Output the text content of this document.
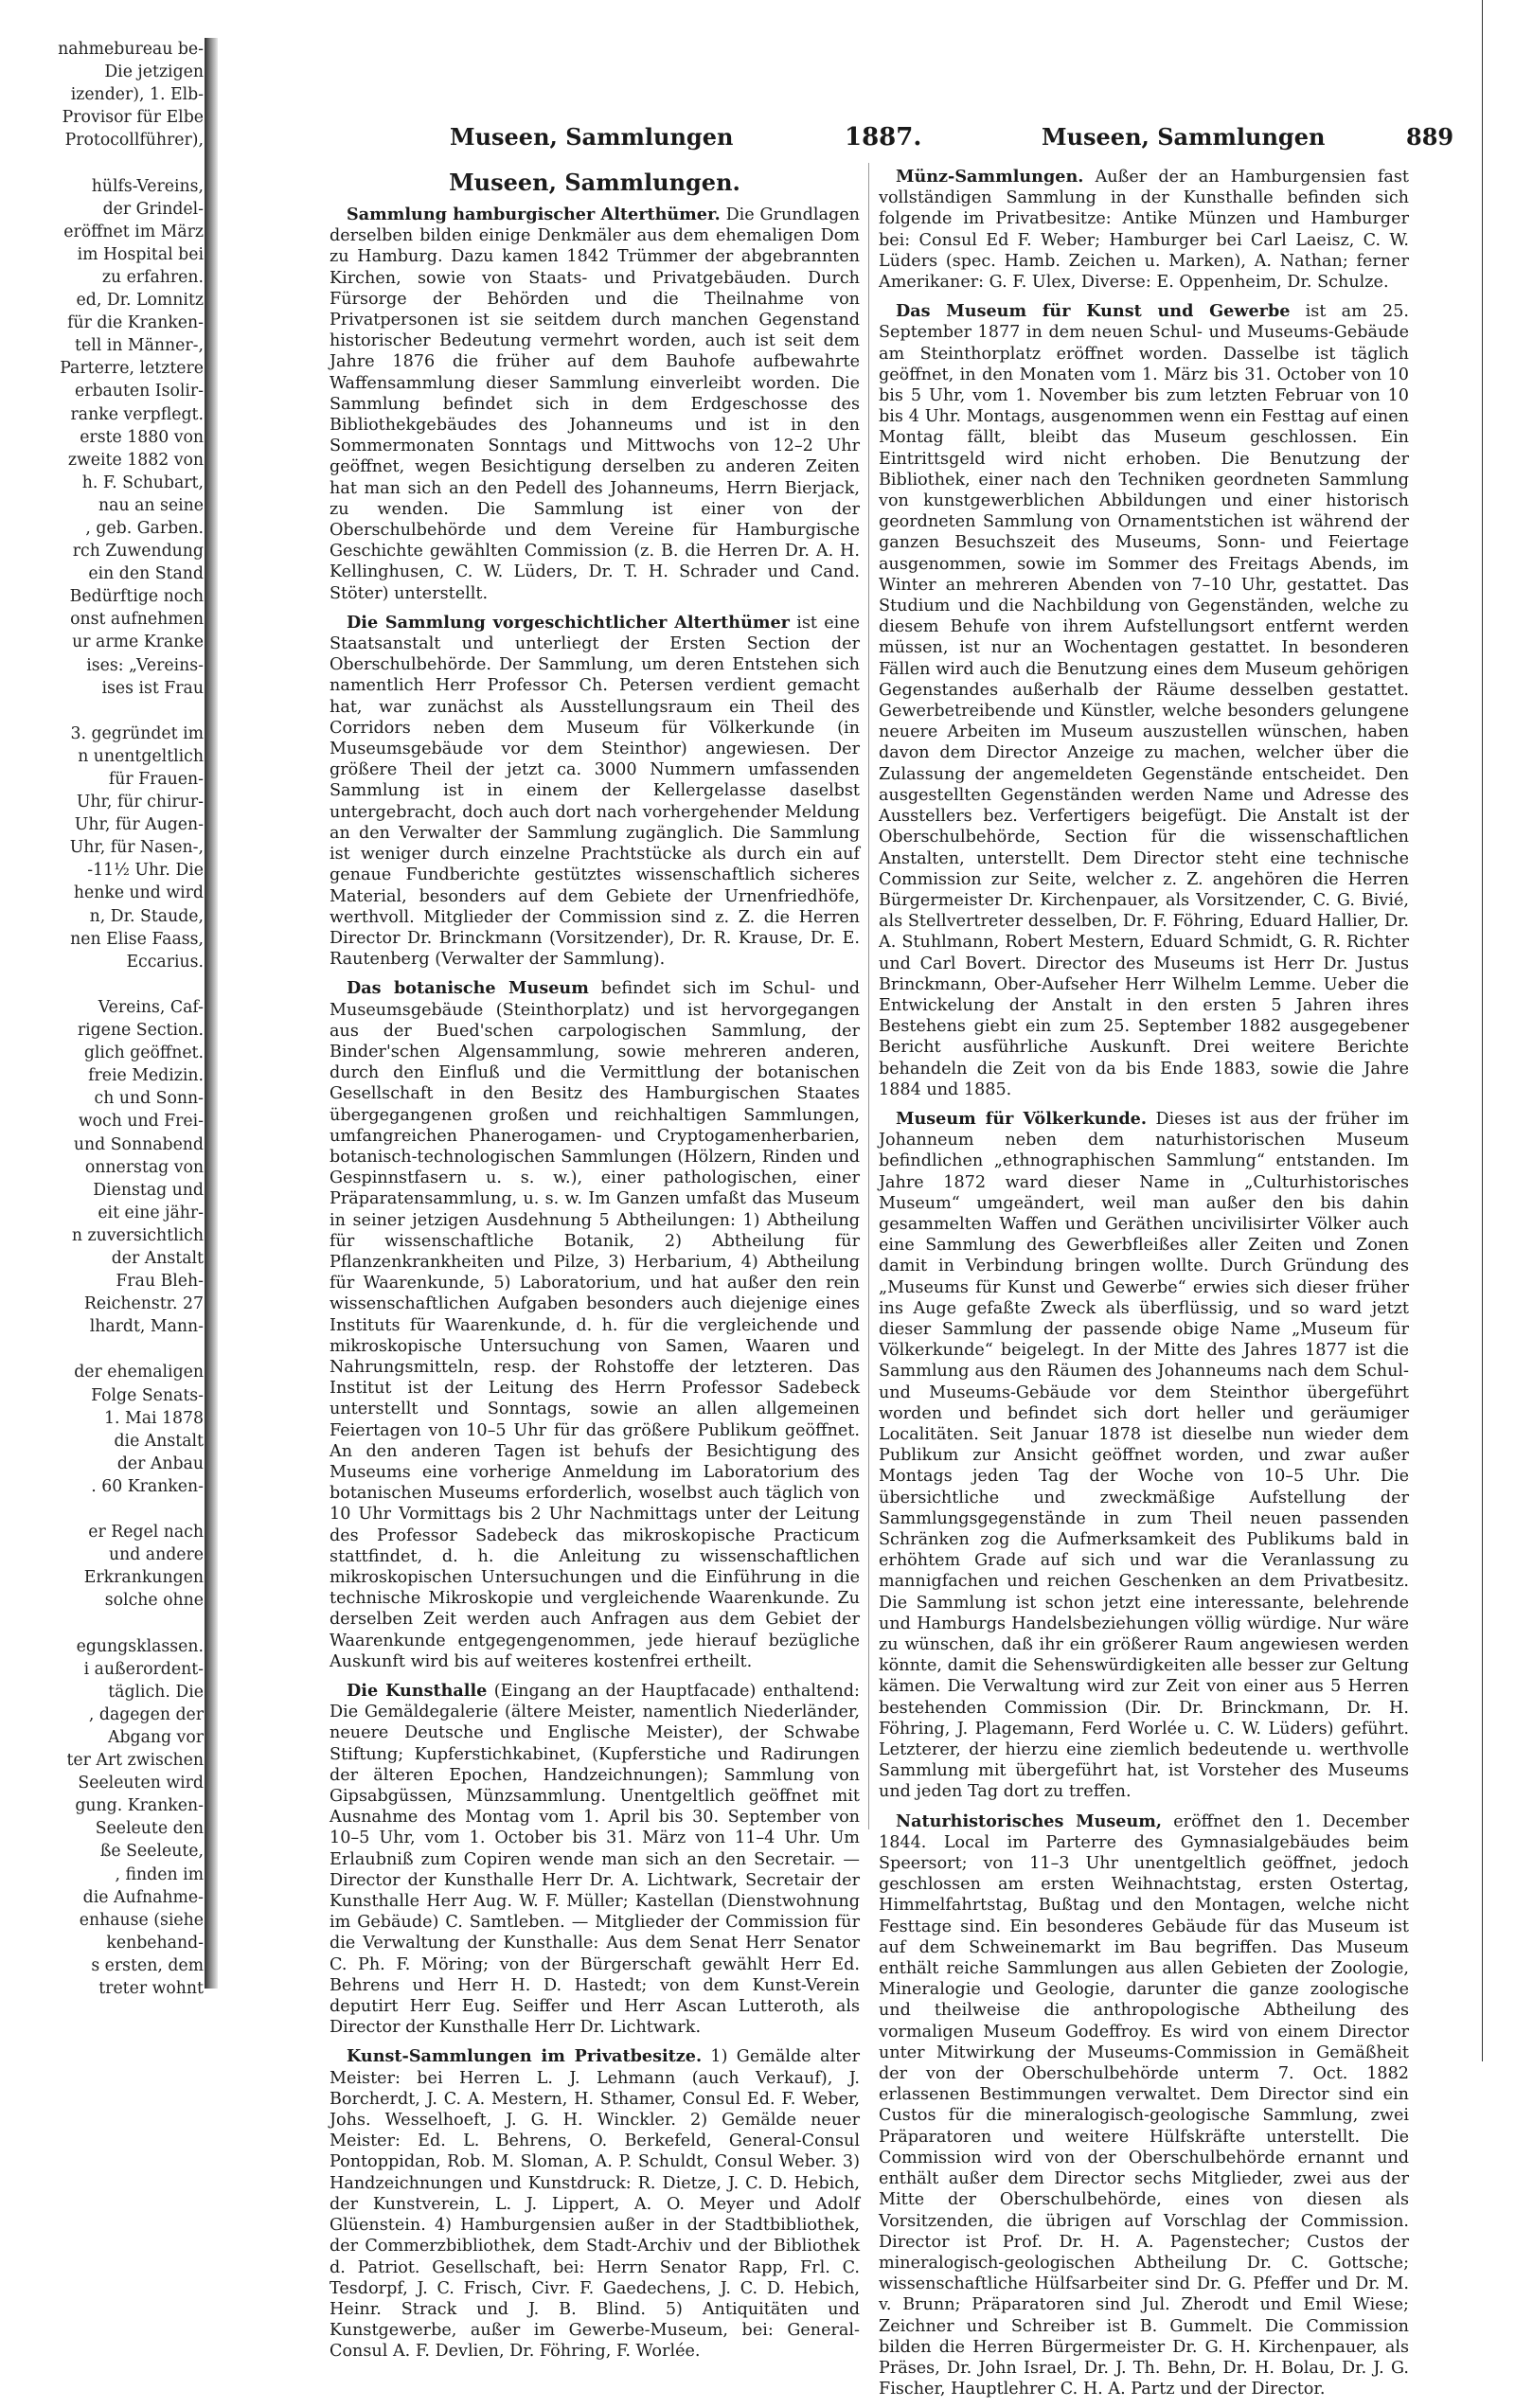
nahmebureau be-
Die jetzigen
izender), 1. Elb-
Provisor für Elbe
Protocollführer),

hülfs-Vereins,
der Grindel-
eröffnet im März
im Hospital bei
zu erfahren.
ed, Dr. Lomnitz
für die Kranken-
tell in Männer-,
Parterre, letztere
erbauten Isolir-
ranke verpflegt.
erste 1880 von
zweite 1882 von
h. F. Schubart,
nau an seine
, geb. Garben.
rch Zuwendung
ein den Stand
Bedürftige noch
onst aufnehmen
ur arme Kranke
ises: „Vereins-
ises ist Frau

3. gegründet im
n unentgeltlich
für Frauen-
Uhr, für chirur-
Uhr, für Augen-
Uhr, für Nasen-,
-11½ Uhr. Die
henke und wird
n, Dr. Staude,
nen Elise Faass,
Eccarius.

Vereins, Caf-
rigene Section.
glich geöffnet.
freie Medizin.
ch und Sonn-
woch und Frei-
und Sonnabend
onnerstag von
Dienstag und
eit eine jähr-
n zuversichtlich
der Anstalt
Frau Bleh-
Reichenstr. 27
lhardt, Mann-

der ehemaligen
Folge Senats-
1. Mai 1878
die Anstalt
der Anbau
. 60 Kranken-

er Regel nach
und andere
Erkrankungen
solche ohne

egungsklassen.
i außerordent-
täglich. Die
, dagegen der
Abgang vor
ter Art zwischen
Seeleuten wird
gung. Kranken-
Seeleute den
ße Seeleute,
, finden im
die Aufnahme-
enhause (siehe
kenbehand-
s ersten, dem
treter wohnt
Museen, Sammlungen	1887.	Museen, Sammlungen	889
Museen, Sammlungen.

Sammlung hamburgischer Alterthümer. Die Grundlagen derselben bilden einige Denkmäler aus dem ehemaligen Dom zu Hamburg. Dazu kamen 1842 Trümmer der abgebrannten Kirchen, sowie von Staats- und Privatgebäuden. Durch Fürsorge der Behörden und die Theilnahme von Privatpersonen ist sie seitdem durch manchen Gegenstand historischer Bedeutung vermehrt worden, auch ist seit dem Jahre 1876 die früher auf dem Bauhofe aufbewahrte Waffensammlung dieser Sammlung einverleibt worden. Die Sammlung befindet sich in dem Erdgeschosse des Bibliothekgebäudes des Johanneums und ist in den Sommermonaten Sonntags und Mittwochs von 12–2 Uhr geöffnet, wegen Besichtigung derselben zu anderen Zeiten hat man sich an den Pedell des Johanneums, Herrn Bierjack, zu wenden. Die Sammlung ist einer von der Oberschulbehörde und dem Vereine für Hamburgische Geschichte gewählten Commission (z. B. die Herren Dr. A. H. Kellinghusen, C. W. Lüders, Dr. T. H. Schrader und Cand. Stöter) unterstellt.

Die Sammlung vorgeschichtlicher Alterthümer ist eine Staatsanstalt und unterliegt der Ersten Section der Oberschulbehörde. Der Sammlung, um deren Entstehen sich namentlich Herr Professor Ch. Petersen verdient gemacht hat, war zunächst als Ausstellungsraum ein Theil des Corridors neben dem Museum für Völkerkunde (in Museumsgebäude vor dem Steinthor) angewiesen. Der größere Theil der jetzt ca. 3000 Nummern umfassenden Sammlung ist in einem der Kellergelasse daselbst untergebracht, doch auch dort nach vorhergehender Meldung an den Verwalter der Sammlung zugänglich. Die Sammlung ist weniger durch einzelne Prachtstücke als durch ein auf genaue Fundberichte gestütztes wissenschaftlich sicheres Material, besonders auf dem Gebiete der Urnenfriedhöfe, werthvoll. Mitglieder der Commission sind z. Z. die Herren Director Dr. Brinckmann (Vorsitzender), Dr. R. Krause, Dr. E. Rautenberg (Verwalter der Sammlung).

Das botanische Museum befindet sich im Schul- und Museumsgebäude (Steinthorplatz) und ist hervorgegangen aus der Bued'schen carpologischen Sammlung, der Binder'schen Algensammlung, sowie mehreren anderen, durch den Einfluß und die Vermittlung der botanischen Gesellschaft in den Besitz des Hamburgischen Staates übergegangenen großen und reichhaltigen Sammlungen, umfangreichen Phanerogamen- und Cryptogamenherbarien, botanisch-technologischen Sammlungen (Hölzern, Rinden und Gespinnstfasern u. s. w.), einer pathologischen, einer Präparatensammlung, u. s. w. Im Ganzen umfaßt das Museum in seiner jetzigen Ausdehnung 5 Abtheilungen: 1) Abtheilung für wissenschaftliche Botanik, 2) Abtheilung für Pflanzenkrankheiten und Pilze, 3) Herbarium, 4) Abtheilung für Waarenkunde, 5) Laboratorium, und hat außer den rein wissenschaftlichen Aufgaben besonders auch diejenige eines Instituts für Waarenkunde, d. h. für die vergleichende und mikroskopische Untersuchung von Samen, Waaren und Nahrungsmitteln, resp. der Rohstoffe der letzteren. Das Institut ist der Leitung des Herrn Professor Sadebeck unterstellt und Sonntags, sowie an allen allgemeinen Feiertagen von 10–5 Uhr für das größere Publikum geöffnet. An den anderen Tagen ist behufs der Besichtigung des Museums eine vorherige Anmeldung im Laboratorium des botanischen Museums erforderlich, woselbst auch täglich von 10 Uhr Vormittags bis 2 Uhr Nachmittags unter der Leitung des Professor Sadebeck das mikroskopische Practicum stattfindet, d. h. die Anleitung zu wissenschaftlichen mikroskopischen Untersuchungen und die Einführung in die technische Mikroskopie und vergleichende Waarenkunde. Zu derselben Zeit werden auch Anfragen aus dem Gebiet der Waarenkunde entgegengenommen, jede hierauf bezügliche Auskunft wird bis auf weiteres kostenfrei ertheilt.

Die Kunsthalle (Eingang an der Hauptfacade) enthaltend: Die Gemäldegalerie (ältere Meister, namentlich Niederländer, neuere Deutsche und Englische Meister), der Schwabe Stiftung; Kupferstichkabinet, (Kupferstiche und Radirungen der älteren Epochen, Handzeichnungen); Sammlung von Gipsabgüssen, Münzsammlung. Unentgeltlich geöffnet mit Ausnahme des Montag vom 1. April bis 30. September von 10–5 Uhr, vom 1. October bis 31. März von 11–4 Uhr. Um Erlaubniß zum Copiren wende man sich an den Secretair. — Director der Kunsthalle Herr Dr. A. Lichtwark, Secretair der Kunsthalle Herr Aug. W. F. Müller; Kastellan (Dienstwohnung im Gebäude) C. Samtleben. — Mitglieder der Commission für die Verwaltung der Kunsthalle: Aus dem Senat Herr Senator C. Ph. F. Möring; von der Bürgerschaft gewählt Herr Ed. Behrens und Herr H. D. Hastedt; von dem Kunst-Verein deputirt Herr Eug. Seiffer und Herr Ascan Lutteroth, als Director der Kunsthalle Herr Dr. Lichtwark.

Kunst-Sammlungen im Privatbesitze. 1) Gemälde alter Meister: bei Herren L. J. Lehmann (auch Verkauf), J. Borcherdt, J. C. A. Mestern, H. Sthamer, Consul Ed. F. Weber, Johs. Wesselhoeft, J. G. H. Winckler. 2) Gemälde neuer Meister: Ed. L. Behrens, O. Berkefeld, General-Consul Pontoppidan, Rob. M. Sloman, A. P. Schuldt, Consul Weber. 3) Handzeichnungen und Kunstdruck: R. Dietze, J. C. D. Hebich, der Kunstverein, L. J. Lippert, A. O. Meyer und Adolf Glüenstein. 4) Hamburgensien außer in der Stadtbibliothek, der Commerzbibliothek, dem Stadt-Archiv und der Bibliothek d. Patriot. Gesellschaft, bei: Herrn Senator Rapp, Frl. C. Tesdorpf, J. C. Frisch, Civr. F. Gaedechens, J. C. D. Hebich, Heinr. Strack und J. B. Blind. 5) Antiquitäten und Kunstgewerbe, außer im Gewerbe-Museum, bei: General-Consul A. F. Devlien, Dr. Föhring, F. Worlée.

Münz-Sammlungen. Außer der an Hamburgensien fast vollständigen Sammlung in der Kunsthalle befinden sich folgende im Privatbesitze: Antike Münzen und Hamburger bei: Consul Ed F. Weber; Hamburger bei Carl Laeisz, C. W. Lüders (spec. Hamb. Zeichen u. Marken), A. Nathan; ferner Amerikaner: G. F. Ulex, Diverse: E. Oppenheim, Dr. Schulze.

Das Museum für Kunst und Gewerbe ist am 25. September 1877 in dem neuen Schul- und Museums-Gebäude am Steinthorplatz eröffnet worden. Dasselbe ist täglich geöffnet, in den Monaten vom 1. März bis 31. October von 10 bis 5 Uhr, vom 1. November bis zum letzten Februar von 10 bis 4 Uhr. Montags, ausgenommen wenn ein Festtag auf einen Montag fällt, bleibt das Museum geschlossen. Ein Eintrittsgeld wird nicht erhoben. Die Benutzung der Bibliothek, einer nach den Techniken geordneten Sammlung von kunstgewerblichen Abbildungen und einer historisch geordneten Sammlung von Ornamentstichen ist während der ganzen Besuchszeit des Museums, Sonn- und Feiertage ausgenommen, sowie im Sommer des Freitags Abends, im Winter an mehreren Abenden von 7–10 Uhr, gestattet. Das Studium und die Nachbildung von Gegenständen, welche zu diesem Behufe von ihrem Aufstellungsort entfernt werden müssen, ist nur an Wochentagen gestattet. In besonderen Fällen wird auch die Benutzung eines dem Museum gehörigen Gegenstandes außerhalb der Räume desselben gestattet. Gewerbetreibende und Künstler, welche besonders gelungene neuere Arbeiten im Museum auszustellen wünschen, haben davon dem Director Anzeige zu machen, welcher über die Zulassung der angemeldeten Gegenstände entscheidet. Den ausgestellten Gegenständen werden Name und Adresse des Ausstellers bez. Verfertigers beigefügt. Die Anstalt ist der Oberschulbehörde, Section für die wissenschaftlichen Anstalten, unterstellt. Dem Director steht eine technische Commission zur Seite, welcher z. Z. angehören die Herren Bürgermeister Dr. Kirchenpauer, als Vorsitzender, C. G. Bivié, als Stellvertreter desselben, Dr. F. Föhring, Eduard Hallier, Dr. A. Stuhlmann, Robert Mestern, Eduard Schmidt, G. R. Richter und Carl Bovert. Director des Museums ist Herr Dr. Justus Brinckmann, Ober-Aufseher Herr Wilhelm Lemme. Ueber die Entwickelung der Anstalt in den ersten 5 Jahren ihres Bestehens giebt ein zum 25. September 1882 ausgegebener Bericht ausführliche Auskunft. Drei weitere Berichte behandeln die Zeit von da bis Ende 1883, sowie die Jahre 1884 und 1885.

Museum für Völkerkunde. Dieses ist aus der früher im Johanneum neben dem naturhistorischen Museum befindlichen „ethnographischen Sammlung“ entstanden. Im Jahre 1872 ward dieser Name in „Culturhistorisches Museum“ umgeändert, weil man außer den bis dahin gesammelten Waffen und Geräthen uncivilisirter Völker auch eine Sammlung des Gewerbfleißes aller Zeiten und Zonen damit in Verbindung bringen wollte. Durch Gründung des „Museums für Kunst und Gewerbe“ erwies sich dieser früher ins Auge gefaßte Zweck als überflüssig, und so ward jetzt dieser Sammlung der passende obige Name „Museum für Völkerkunde“ beigelegt. In der Mitte des Jahres 1877 ist die Sammlung aus den Räumen des Johanneums nach dem Schul- und Museums-Gebäude vor dem Steinthor übergeführt worden und befindet sich dort heller und geräumiger Localitäten. Seit Januar 1878 ist dieselbe nun wieder dem Publikum zur Ansicht geöffnet worden, und zwar außer Montags jeden Tag der Woche von 10–5 Uhr. Die übersichtliche und zweckmäßige Aufstellung der Sammlungsgegenstände in zum Theil neuen passenden Schränken zog die Aufmerksamkeit des Publikums bald in erhöhtem Grade auf sich und war die Veranlassung zu mannigfachen und reichen Geschenken an dem Privatbesitz. Die Sammlung ist schon jetzt eine interessante, belehrende und Hamburgs Handelsbeziehungen völlig würdige. Nur wäre zu wünschen, daß ihr ein größerer Raum angewiesen werden könnte, damit die Sehenswürdigkeiten alle besser zur Geltung kämen. Die Verwaltung wird zur Zeit von einer aus 5 Herren bestehenden Commission (Dir. Dr. Brinckmann, Dr. H. Föhring, J. Plagemann, Ferd Worlée u. C. W. Lüders) geführt. Letzterer, der hierzu eine ziemlich bedeutende u. werthvolle Sammlung mit übergeführt hat, ist Vorsteher des Museums und jeden Tag dort zu treffen.

Naturhistorisches Museum, eröffnet den 1. December 1844. Local im Parterre des Gymnasialgebäudes beim Speersort; von 11–3 Uhr unentgeltlich geöffnet, jedoch geschlossen am ersten Weihnachtstag, ersten Ostertag, Himmelfahrtstag, Bußtag und den Montagen, welche nicht Festtage sind. Ein besonderes Gebäude für das Museum ist auf dem Schweinemarkt im Bau begriffen. Das Museum enthält reiche Sammlungen aus allen Gebieten der Zoologie, Mineralogie und Geologie, darunter die ganze zoologische und theilweise die anthropologische Abtheilung des vormaligen Museum Godeffroy. Es wird von einem Director unter Mitwirkung der Museums-Commission in Gemäßheit der von der Oberschulbehörde unterm 7. Oct. 1882 erlassenen Bestimmungen verwaltet. Dem Director sind ein Custos für die mineralogisch-geologische Sammlung, zwei Präparatoren und weitere Hülfskräfte unterstellt. Die Commission wird von der Oberschulbehörde ernannt und enthält außer dem Director sechs Mitglieder, zwei aus der Mitte der Oberschulbehörde, eines von diesen als Vorsitzenden, die übrigen auf Vorschlag der Commission. Director ist Prof. Dr. H. A. Pagenstecher; Custos der mineralogisch-geologischen Abtheilung Dr. C. Gottsche; wissenschaftliche Hülfsarbeiter sind Dr. G. Pfeffer und Dr. M. v. Brunn; Präparatoren sind Jul. Zherodt und Emil Wiese; Zeichner und Schreiber ist B. Gummelt. Die Commission bilden die Herren Bürgermeister Dr. G. H. Kirchenpauer, als Präses, Dr. John Israel, Dr. J. Th. Behn, Dr. H. Bolau, Dr. J. G. Fischer, Hauptlehrer C. H. A. Partz und der Director.
